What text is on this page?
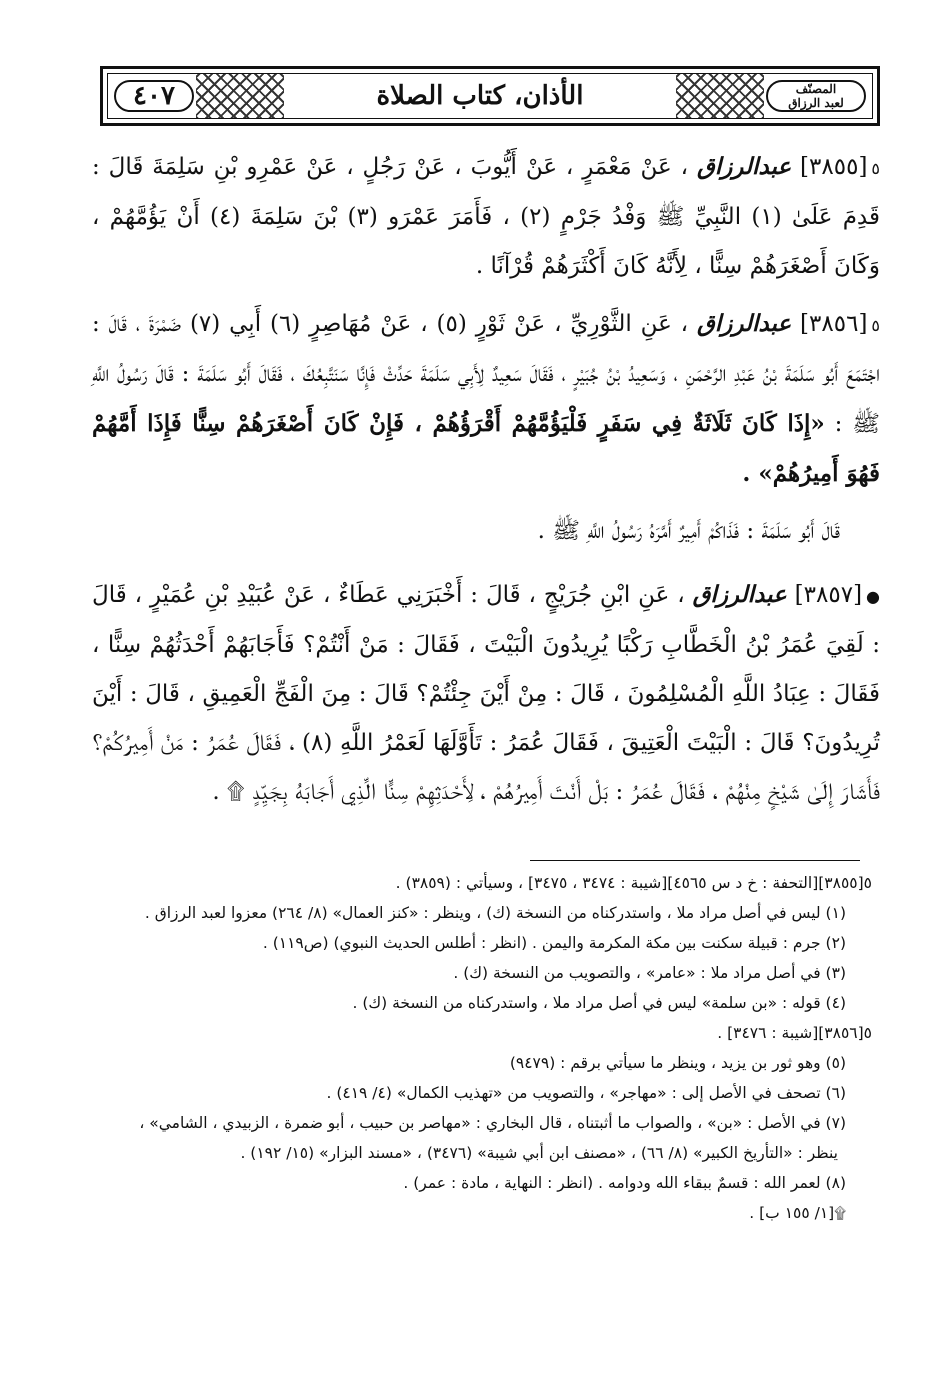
٤٠٧	الأذان، كتاب الصلاة	المصنّف
لعبد الرزاق

٥[٣٨٥٥] عبدالرزاق ، عَنْ مَعْمَرٍ ، عَنْ أَيُّوبَ ، عَنْ رَجُلٍ ، عَنْ عَمْرِو بْنِ سَلِمَةَ قَالَ : قَدِمَ عَلَىٰ (١) النَّبِيِّ ﷺ وَفْدُ جَرْمٍ (٢) ، فَأَمَرَ عَمْرَو (٣) بْنَ سَلِمَةَ (٤) أَنْ يَؤُمَّهُمْ ، وَكَانَ أَصْغَرَهُمْ سِنًّا ، لِأَنَّهُ كَانَ أَكْثَرَهُمْ قُرْآنًا .

٥[٣٨٥٦] عبدالرزاق ، عَنِ الثَّوْرِيِّ ، عَنْ ثَوْرٍ (٥) ، عَنْ مُهَاصِرٍ (٦) أَبِي (٧) ضَمْرَةَ ، قَالَ : اجْتَمَعَ أَبُو سَلَمَةَ بْنُ عَبْدِ الرَّحْمَنِ ، وَسَعِيدُ بْنُ جُبَيْرٍ ، فَقَالَ سَعِيدٌ لِأَبِي سَلَمَةَ حَدِّثْ فَإِنَّا سَنَتَّبِعُكَ ، فَقَالَ أَبُو سَلَمَةَ : قَالَ رَسُولُ اللَّهِ ﷺ : «إِذَا كَانَ ثَلَاثَةٌ فِي سَفَرٍ فَلْيَؤُمَّهُمْ أَقْرَؤُهُمْ ، فَإِنْ كَانَ أَصْغَرَهُمْ سِنًّا فَإِذَا أَمَّهُمْ فَهُوَ أَمِيرُهُمْ» .

قَالَ أَبُو سَلَمَةَ : فَذَاكُمْ أَمِيرٌ أَمَّرَهُ رَسُولُ اللَّهِ ﷺ .

●[٣٨٥٧] عبدالرزاق ، عَنِ ابْنِ جُرَيْجٍ ، قَالَ : أَخْبَرَنِي عَطَاءٌ ، عَنْ عُبَيْدِ بْنِ عُمَيْرٍ ، قَالَ : لَقِيَ عُمَرُ بْنُ الْخَطَّابِ رَكْبًا يُرِيدُونَ الْبَيْتَ ، فَقَالَ : مَنْ أَنْتُمْ؟ فَأَجَابَهُمْ أَحْدَثُهُمْ سِنًّا ، فَقَالَ : عِبَادُ اللَّهِ الْمُسْلِمُونَ ، قَالَ : مِنْ أَيْنَ جِئْتُمْ؟ قَالَ : مِنَ الْفَجِّ الْعَمِيقِ ، قَالَ : أَيْنَ تُرِيدُونَ؟ قَالَ : الْبَيْتَ الْعَتِيقَ ، فَقَالَ عُمَرُ : تَأَوَّلَهَا لَعَمْرُ اللَّهِ (٨) ، فَقَالَ عُمَرُ : مَنْ أَمِيرُكُمْ؟ فَأَشَارَ إِلَىٰ شَيْخٍ مِنْهُمْ ، فَقَالَ عُمَرُ : بَلْ أَنْتَ أَمِيرُهُمْ ، لِأَحْدَثِهِمْ سِنًّا الَّذِي أَجَابَهُ بِجَيِّدٍ ۩ .

٥[٣٨٥٥][التحفة : خ د س ٤٥٦٥][شيبة : ٣٤٧٤ ، ٣٤٧٥] ، وسيأتي : (٣٨٥٩) .

(١) ليس في أصل مراد ملا ، واستدركناه من النسخة (ك) ، وينظر : «كنز العمال» (٨/ ٢٦٤) معزوا لعبد الرزاق .

(٢) جرم : قبيلة سكنت بين مكة المكرمة واليمن . (انظر : أطلس الحديث النبوي) (ص١١٩) .

(٣) في أصل مراد ملا : «عامر» ، والتصويب من النسخة (ك) .

(٤) قوله : «بن سلمة» ليس في أصل مراد ملا ، واستدركناه من النسخة (ك) .

٥[٣٨٥٦][شيبة : ٣٤٧٦] .

(٥) وهو ثور بن يزيد ، وينظر ما سيأتي برقم : (٩٤٧٩)

(٦) تصحف في الأصل إلى : «مهاجر» ، والتصويب من «تهذيب الكمال» (٤/ ٤١٩) .

(٧) في الأصل : «بن» ، والصواب ما أثبتناه ، قال البخاري : «مهاصر بن حبيب ، أبو ضمرة ، الزبيدي ، الشامي» ،

ينظر : «التأريخ الكبير» (٨/ ٦٦) ، «مصنف ابن أبي شيبة» (٣٤٧٦) ، «مسند البزار» (١٥/ ١٩٢) .

(٨) لعمر الله : قسمٌ ببقاء الله ودوامه . (انظر : النهاية ، مادة : عمر) .

۩[١/ ١٥٥ ب] .
